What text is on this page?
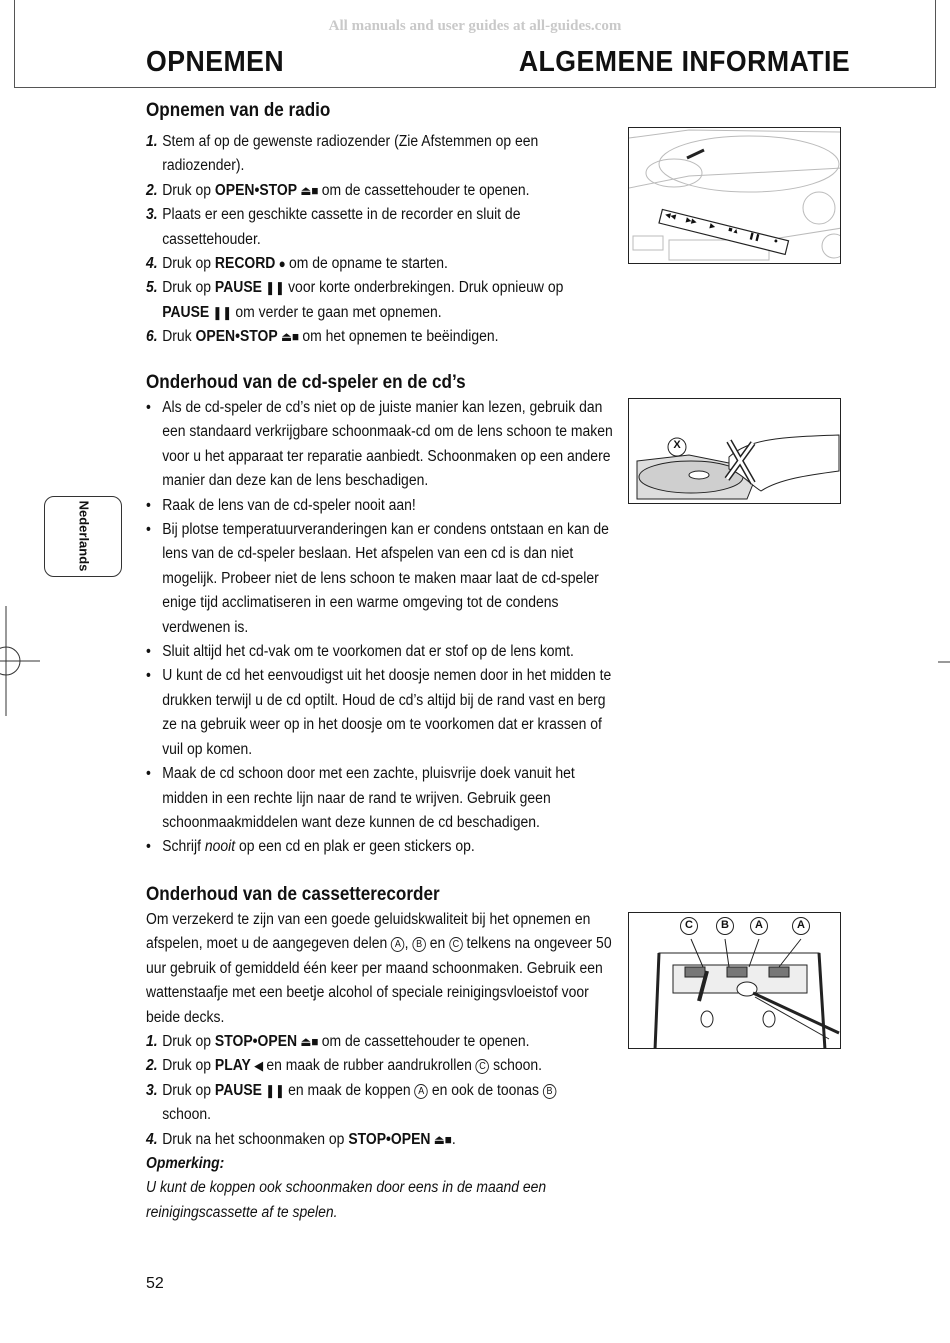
All manuals and user guides at all-guides.com
OPNEMEN	ALGEMENE INFORMATIE
Opnemen van de radio
1. Stem af op de gewenste radiozender (Zie Afstemmen op een radiozender).
2. Druk op OPEN•STOP ⏏■ om de cassettehouder te openen.
3. Plaats er een geschikte cassette in de recorder en sluit de cassettehouder.
4. Druk op RECORD ● om de opname te starten.
5. Druk op PAUSE ❚❚ voor korte onderbrekingen. Druk opnieuw op
PAUSE ❚❚ om verder te gaan met opnemen.
6. Druk OPEN•STOP ⏏■ om het opnemen te beëindigen.
Onderhoud van de cd-speler en de cd’s
• Als de cd-speler de cd’s niet op de juiste manier kan lezen, gebruik dan een standaard verkrijgbare schoonmaak-cd om de lens schoon te maken voor u het apparaat ter reparatie aanbiedt. Schoonmaken op een andere manier dan deze kan de lens beschadigen.
• Raak de lens van de cd-speler nooit aan!
• Bij plotse temperatuurveranderingen kan er condens ontstaan en kan de lens van de cd-speler beslaan. Het afspelen van een cd is dan niet mogelijk. Probeer niet de lens schoon te maken maar laat de cd-speler enige tijd acclimatiseren in een warme omgeving tot de condens verdwenen is.
• Sluit altijd het cd-vak om te voorkomen dat er stof op de lens komt.
• U kunt de cd het eenvoudigst uit het doosje nemen door in het midden te drukken terwijl u de cd optilt. Houd de cd’s altijd bij de rand vast en berg ze na gebruik weer op in het doosje om te voorkomen dat er krassen of vuil op komen.
• Maak de cd schoon door met een zachte, pluisvrije doek vanuit het midden in een rechte lijn naar de rand te wrijven. Gebruik geen schoonmaakmiddelen want deze kunnen de cd beschadigen.
• Schrijf nooit op een cd en plak er geen stickers op.
Onderhoud van de cassetterecorder
Om verzekerd te zijn van een goede geluidskwaliteit bij het opnemen en afspelen, moet u de aangegeven delen A , B en C telkens na ongeveer 50 uur gebruik of gemiddeld één keer per maand schoonmaken. Gebruik een wattenstaafje met een beetje alcohol of speciale reinigingsvloeistof voor beide decks.
1. Druk op STOP•OPEN ⏏■ om de cassettehouder te openen.
2. Druk op PLAY ◀ en maak de rubber aandrukrollen C schoon.
3. Druk op PAUSE ❚❚ en maak de koppen A en ook de toonas B
schoon.
4. Druk na het schoonmaken op STOP•OPEN ⏏■.
Opmerking: U kunt de koppen ook schoonmaken door eens in de maand een reinigingscassette af te spelen.
◀◀
▶▶
▶	■▲
❚❚	●
X
C	B	A	A
Nederlands
52
